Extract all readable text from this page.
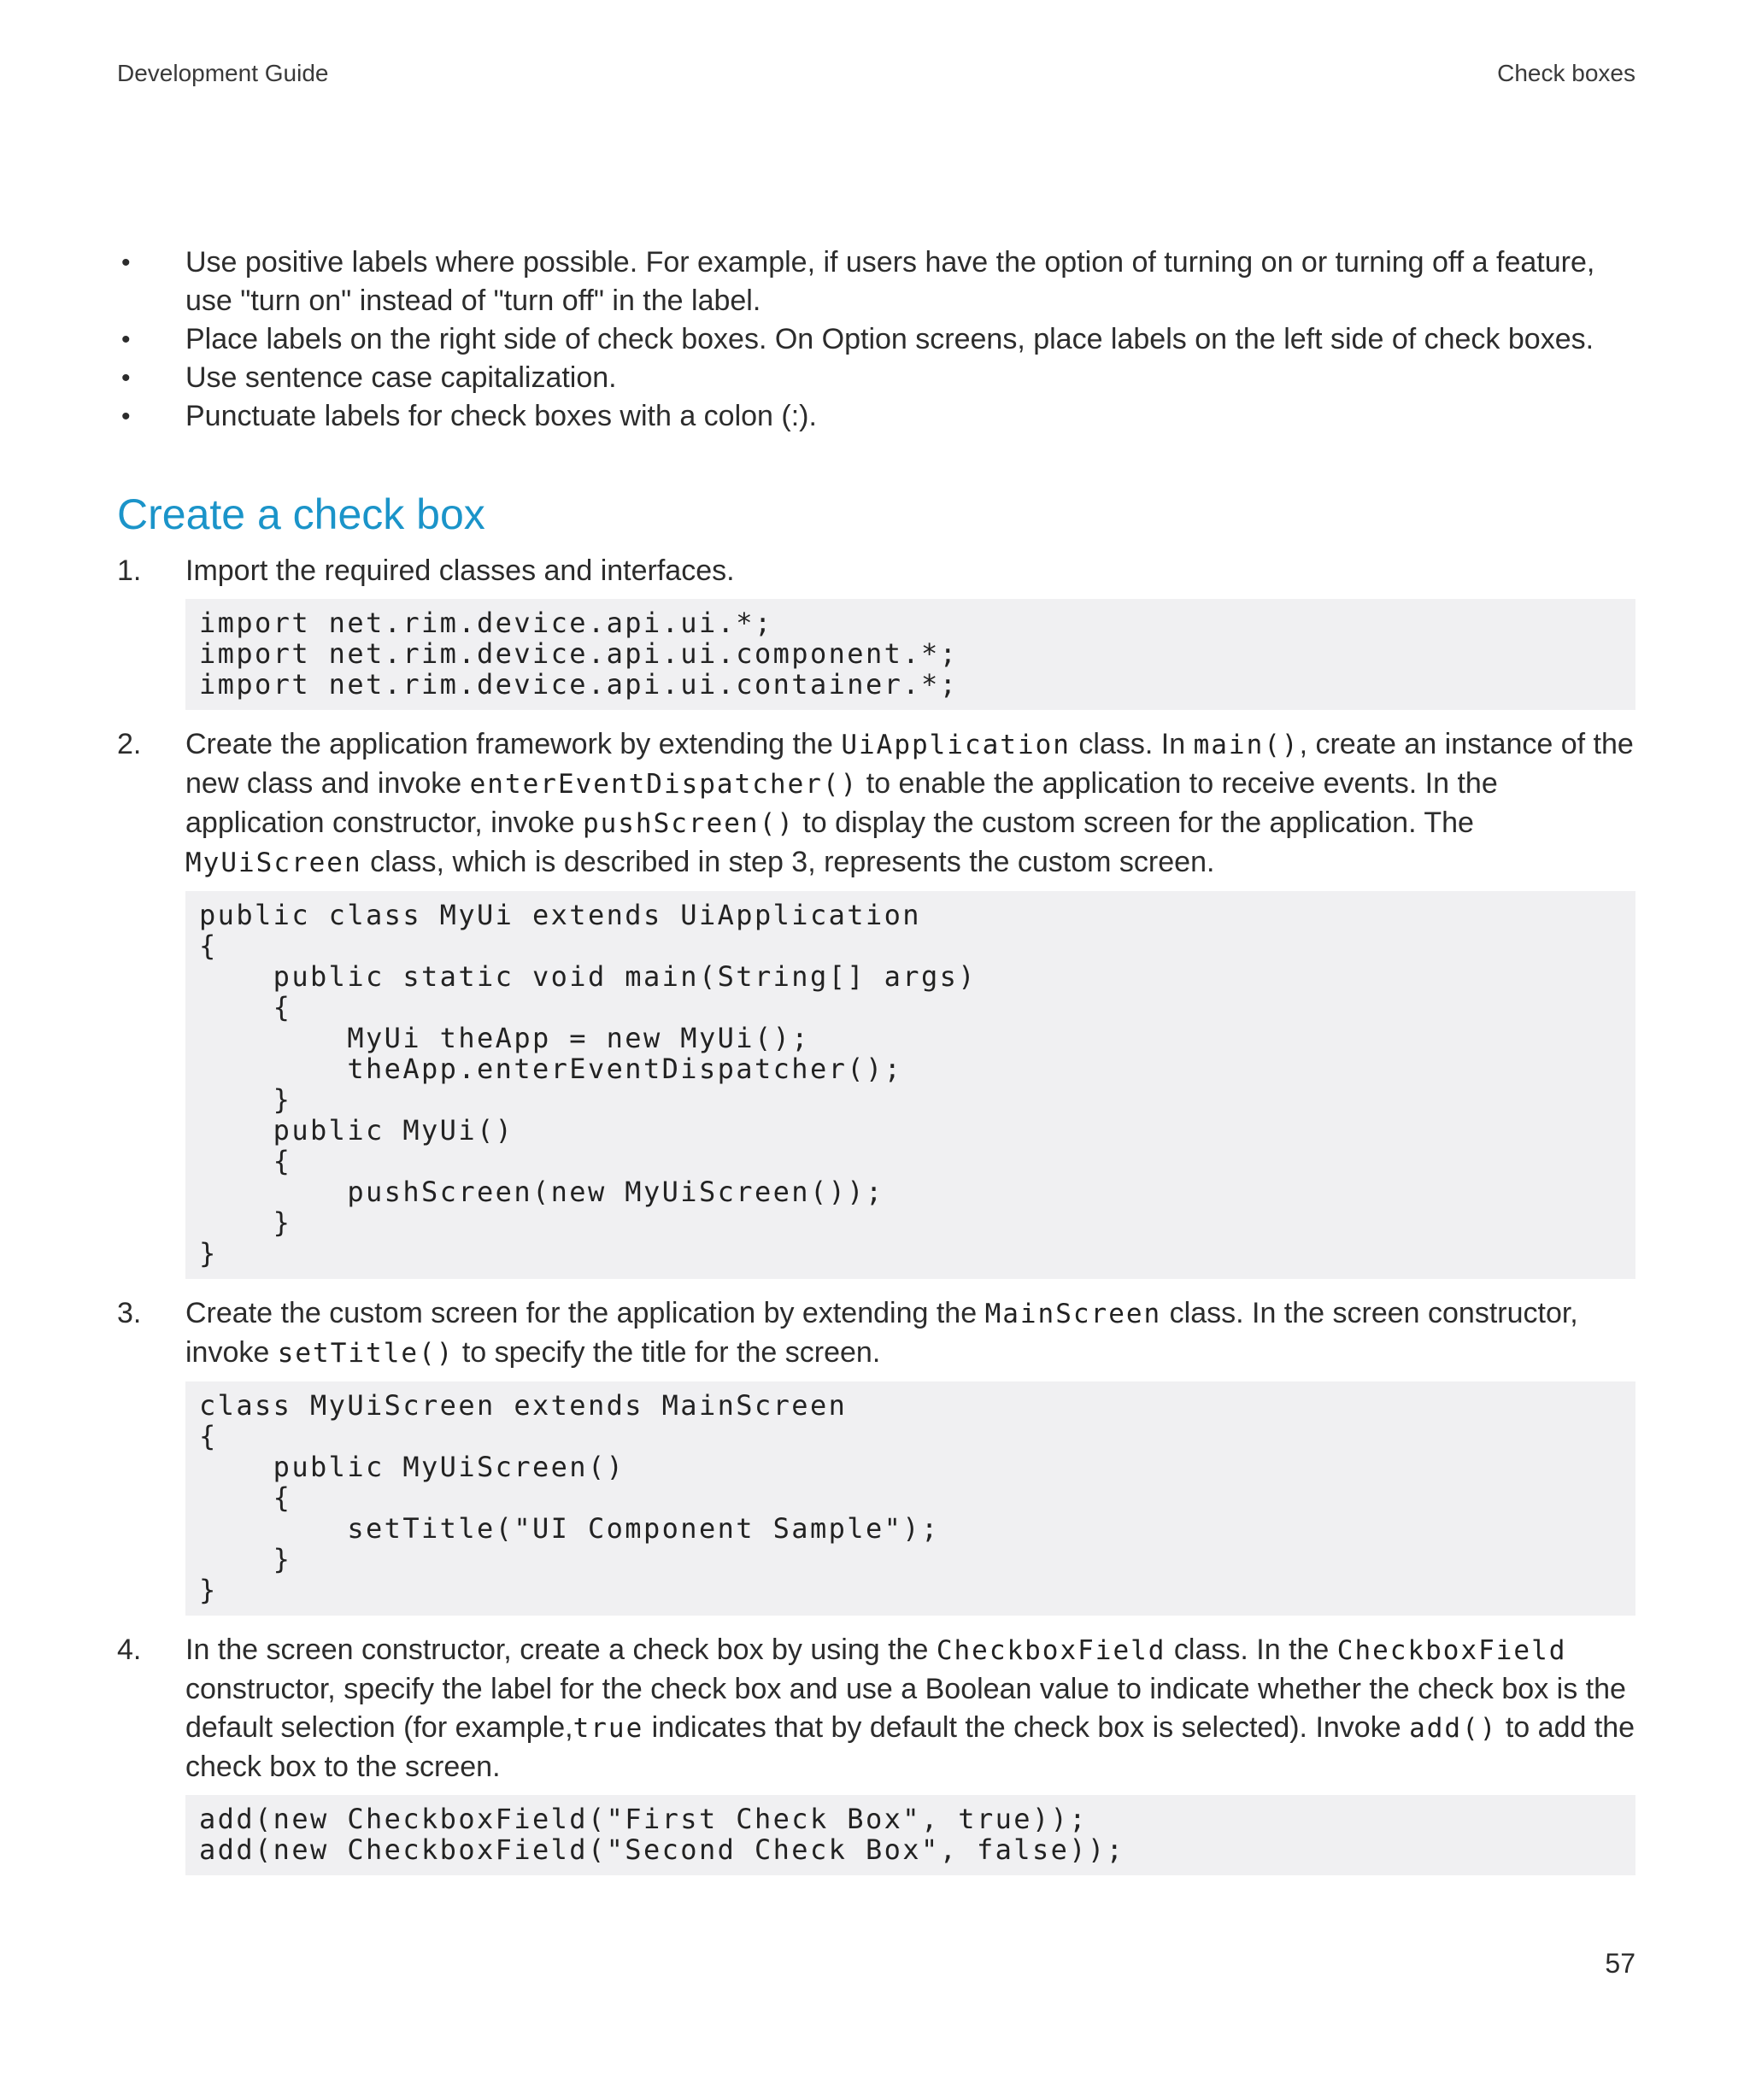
Development Guide	Check boxes
• Use positive labels where possible. For example, if users have the option of turning on or turning off a feature, use "turn on" instead of "turn off" in the label.
• Place labels on the right side of check boxes. On Option screens, place labels on the left side of check boxes.
• Use sentence case capitalization.
• Punctuate labels for check boxes with a colon (:).
Create a check box
1.	Import the required classes and interfaces.
import net.rim.device.api.ui.*;
import net.rim.device.api.ui.component.*;
import net.rim.device.api.ui.container.*;
2.	Create the application framework by extending the UiApplication class. In main(), create an instance of the new class and invoke enterEventDispatcher() to enable the application to receive events. In the application constructor, invoke pushScreen() to display the custom screen for the application. The MyUiScreen class, which is described in step 3, represents the custom screen.
public class MyUi extends UiApplication
{
public static void main(String[] args)
{
MyUi theApp = new MyUi();
theApp.enterEventDispatcher();
}
public MyUi()
{
pushScreen(new MyUiScreen());
}
}
3.	Create the custom screen for the application by extending the MainScreen class. In the screen constructor, invoke setTitle() to specify the title for the screen.
class MyUiScreen extends MainScreen
{
public MyUiScreen()
{
setTitle("UI Component Sample");
}
}
4.	In the screen constructor, create a check box by using the CheckboxField class. In the CheckboxField constructor, specify the label for the check box and use a Boolean value to indicate whether the check box is the default selection (for example,true indicates that by default the check box is selected). Invoke add() to add the check box to the screen.
add(new CheckboxField("First Check Box", true));
add(new CheckboxField("Second Check Box", false));
57
